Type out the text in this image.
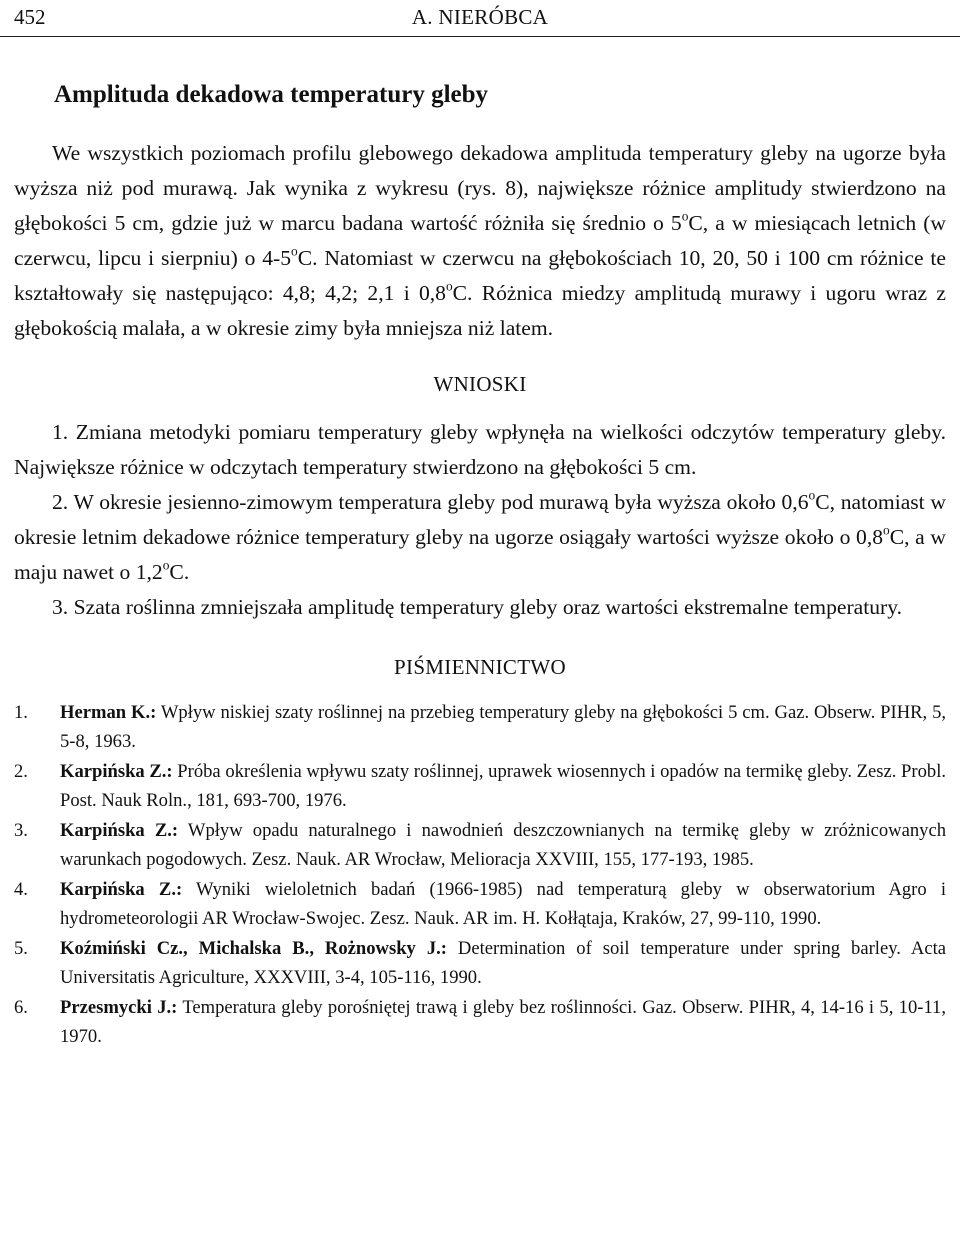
452	A. NIERÓBCA
Amplituda dekadowa temperatury gleby

We wszystkich poziomach profilu glebowego dekadowa amplituda temperatury gleby na ugorze była wyższa niż pod murawą. Jak wynika z wykresu (rys. 8), największe różnice amplitudy stwierdzono na głębokości 5 cm, gdzie już w marcu badana wartość różniła się średnio o 5$^o$C, a w miesiącach letnich (w czerwcu, lipcu i sierpniu) o 4-5$^o$C. Natomiast w czerwcu na głębokościach 10, 20, 50 i 100 cm różnice te kształtowały się następująco: 4,8; 4,2; 2,1 i 0,8$^o$C. Różnica miedzy amplitudą murawy i ugoru wraz z głębokością malała, a w okresie zimy była mniejsza niż latem.

WNIOSKI

1. Zmiana metodyki pomiaru temperatury gleby wpłynęła na wielkości odczytów temperatury gleby. Największe różnice w odczytach temperatury stwierdzono na głębokości 5 cm.

2. W okresie jesienno-zimowym temperatura gleby pod murawą była wyższa około 0,6$^o$C, natomiast w okresie letnim dekadowe różnice temperatury gleby na ugorze osiągały wartości wyższe około o 0,8$^o$C, a w maju nawet o 1,2$^o$C.

3. Szata roślinna zmniejszała amplitudę temperatury gleby oraz wartości ekstremalne temperatury.

PIŚMIENNICTWO

1.	Herman K.: Wpływ niskiej szaty roślinnej na przebieg temperatury gleby na głębokości 5 cm. Gaz. Obserw. PIHR, 5, 5-8, 1963.
2.	Karpińska Z.: Próba określenia wpływu szaty roślinnej, uprawek wiosennych i opadów na termikę gleby. Zesz. Probl. Post. Nauk Roln., 181, 693-700, 1976.
3.	Karpińska Z.: Wpływ opadu naturalnego i nawodnień deszczownianych na termikę gleby w zróżnicowanych warunkach pogodowych. Zesz. Nauk. AR Wrocław, Melioracja XXVIII, 155, 177-193, 1985.
4.	Karpińska Z.: Wyniki wieloletnich badań (1966-1985) nad temperaturą gleby w obserwatorium Agro i hydrometeorologii AR Wrocław-Swojec. Zesz. Nauk. AR im. H. Kołłątaja, Kraków, 27, 99-110, 1990.
5.	Koźmiński Cz., Michalska B., Rożnowsky J.: Determination of soil temperature under spring barley. Acta Universitatis Agriculture, XXXVIII, 3-4, 105-116, 1990.
6.	Przesmycki J.: Temperatura gleby porośniętej trawą i gleby bez roślinności. Gaz. Obserw. PIHR, 4, 14-16 i 5, 10-11, 1970.
